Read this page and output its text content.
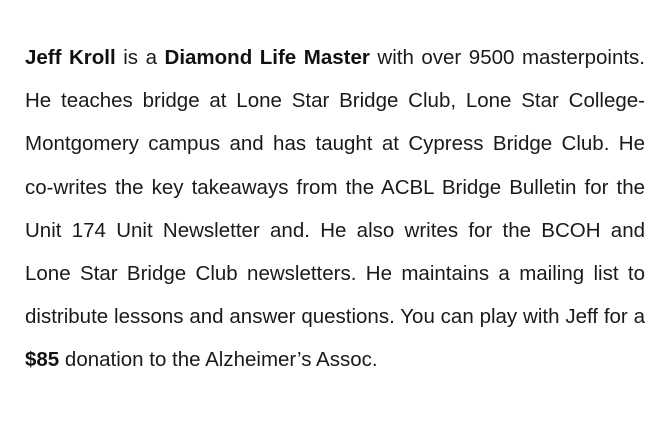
Jeff Kroll is a Diamond Life Master with over 9500 masterpoints. He teaches bridge at Lone Star Bridge Club, Lone Star College-Montgomery campus and has taught at Cypress Bridge Club. He co-writes the key takeaways from the ACBL Bridge Bulletin for the Unit 174 Unit Newsletter and. He also writes for the BCOH and Lone Star Bridge Club newsletters. He maintains a mailing list to distribute lessons and answer questions. You can play with Jeff for a $85 donation to the Alzheimer’s Assoc.
